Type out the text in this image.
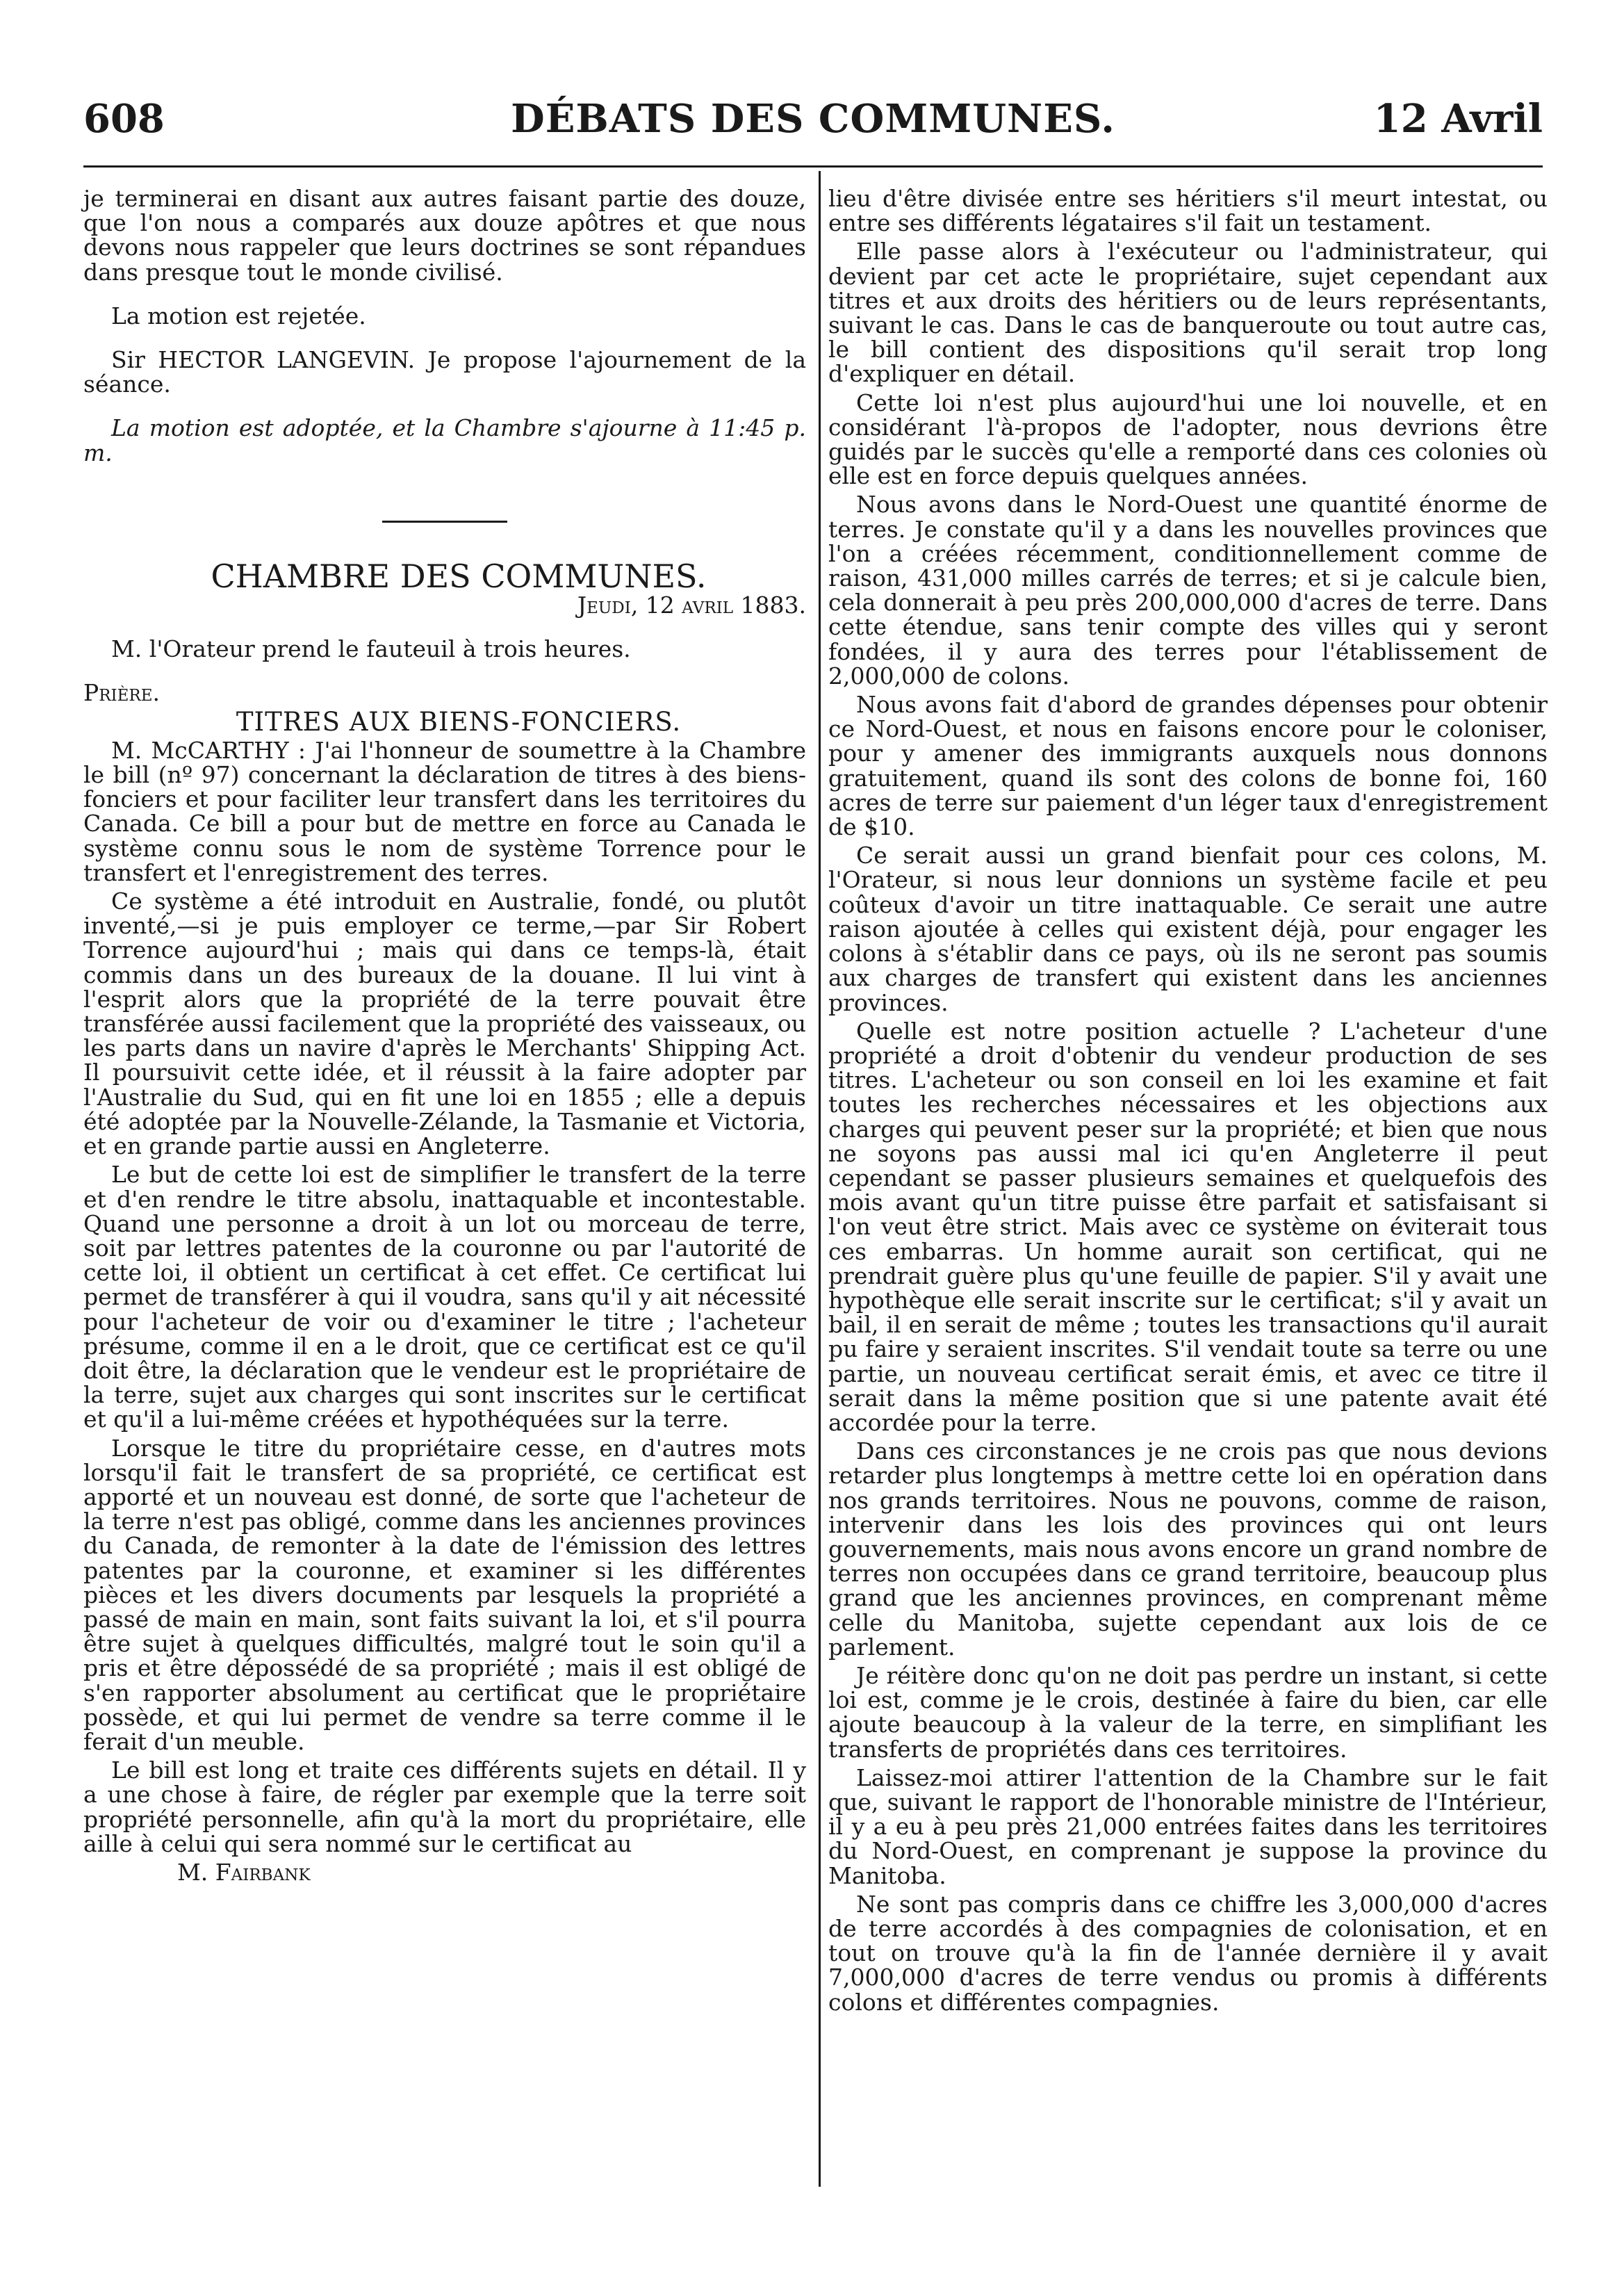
608	DÉBATS DES COMMUNES.	12 Avril

je terminerai en disant aux autres faisant partie des douze, que l'on nous a comparés aux douze apôtres et que nous devons nous rappeler que leurs doctrines se sont répandues dans presque tout le monde civilisé.

La motion est rejetée.

Sir HECTOR LANGEVIN. Je propose l'ajournement de la séance.

La motion est adoptée, et la Chambre s'ajourne à 11:45 p. m.

CHAMBRE DES COMMUNES.

Jeudi, 12 avril 1883.

M. l'Orateur prend le fauteuil à trois heures.

Prière.

TITRES AUX BIENS-FONCIERS.

M. McCARTHY : J'ai l'honneur de soumettre à la Chambre le bill (nº 97) concernant la déclaration de titres à des biens-fonciers et pour faciliter leur transfert dans les territoires du Canada. Ce bill a pour but de mettre en force au Canada le système connu sous le nom de système Torrence pour le transfert et l'enregistrement des terres.

Ce système a été introduit en Australie, fondé, ou plutôt inventé,—si je puis employer ce terme,—par Sir Robert Torrence aujourd'hui ; mais qui dans ce temps-là, était commis dans un des bureaux de la douane. Il lui vint à l'esprit alors que la propriété de la terre pouvait être transférée aussi facilement que la propriété des vaisseaux, ou les parts dans un navire d'après le Merchants' Shipping Act. Il poursuivit cette idée, et il réussit à la faire adopter par l'Australie du Sud, qui en fit une loi en 1855 ; elle a depuis été adoptée par la Nouvelle-Zélande, la Tasmanie et Victoria, et en grande partie aussi en Angleterre.

Le but de cette loi est de simplifier le transfert de la terre et d'en rendre le titre absolu, inattaquable et incontestable. Quand une personne a droit à un lot ou morceau de terre, soit par lettres patentes de la couronne ou par l'autorité de cette loi, il obtient un certificat à cet effet. Ce certificat lui permet de transférer à qui il voudra, sans qu'il y ait nécessité pour l'acheteur de voir ou d'examiner le titre ; l'acheteur présume, comme il en a le droit, que ce certificat est ce qu'il doit être, la déclaration que le vendeur est le propriétaire de la terre, sujet aux charges qui sont inscrites sur le certificat et qu'il a lui-même créées et hypothéquées sur la terre.

Lorsque le titre du propriétaire cesse, en d'autres mots lorsqu'il fait le transfert de sa propriété, ce certificat est apporté et un nouveau est donné, de sorte que l'acheteur de la terre n'est pas obligé, comme dans les anciennes provinces du Canada, de remonter à la date de l'émission des lettres patentes par la couronne, et examiner si les différentes pièces et les divers documents par lesquels la propriété a passé de main en main, sont faits suivant la loi, et s'il pourra être sujet à quelques difficultés, malgré tout le soin qu'il a pris et être dépossédé de sa propriété ; mais il est obligé de s'en rapporter absolument au certificat que le propriétaire possède, et qui lui permet de vendre sa terre comme il le ferait d'un meuble.

Le bill est long et traite ces différents sujets en détail. Il y a une chose à faire, de régler par exemple que la terre soit propriété personnelle, afin qu'à la mort du propriétaire, elle aille à celui qui sera nommé sur le certificat au

M. Fairbank

lieu d'être divisée entre ses héritiers s'il meurt intestat, ou entre ses différents légataires s'il fait un testament.

Elle passe alors à l'exécuteur ou l'administrateur, qui devient par cet acte le propriétaire, sujet cependant aux titres et aux droits des héritiers ou de leurs représentants, suivant le cas. Dans le cas de banqueroute ou tout autre cas, le bill contient des dispositions qu'il serait trop long d'expliquer en détail.

Cette loi n'est plus aujourd'hui une loi nouvelle, et en considérant l'à-propos de l'adopter, nous devrions être guidés par le succès qu'elle a remporté dans ces colonies où elle est en force depuis quelques années.

Nous avons dans le Nord-Ouest une quantité énorme de terres. Je constate qu'il y a dans les nouvelles provinces que l'on a créées récemment, conditionnellement comme de raison, 431,000 milles carrés de terres; et si je calcule bien, cela donnerait à peu près 200,000,000 d'acres de terre. Dans cette étendue, sans tenir compte des villes qui y seront fondées, il y aura des terres pour l'établissement de 2,000,000 de colons.

Nous avons fait d'abord de grandes dépenses pour obtenir ce Nord-Ouest, et nous en faisons encore pour le coloniser, pour y amener des immigrants auxquels nous donnons gratuitement, quand ils sont des colons de bonne foi, 160 acres de terre sur paiement d'un léger taux d'enregistrement de $10.

Ce serait aussi un grand bienfait pour ces colons, M. l'Orateur, si nous leur donnions un système facile et peu coûteux d'avoir un titre inattaquable. Ce serait une autre raison ajoutée à celles qui existent déjà, pour engager les colons à s'établir dans ce pays, où ils ne seront pas soumis aux charges de transfert qui existent dans les anciennes provinces.

Quelle est notre position actuelle ? L'acheteur d'une propriété a droit d'obtenir du vendeur production de ses titres. L'acheteur ou son conseil en loi les examine et fait toutes les recherches nécessaires et les objections aux charges qui peuvent peser sur la propriété; et bien que nous ne soyons pas aussi mal ici qu'en Angleterre il peut cependant se passer plusieurs semaines et quelquefois des mois avant qu'un titre puisse être parfait et satisfaisant si l'on veut être strict. Mais avec ce système on éviterait tous ces embarras. Un homme aurait son certificat, qui ne prendrait guère plus qu'une feuille de papier. S'il y avait une hypothèque elle serait inscrite sur le certificat; s'il y avait un bail, il en serait de même ; toutes les transactions qu'il aurait pu faire y seraient inscrites. S'il vendait toute sa terre ou une partie, un nouveau certificat serait émis, et avec ce titre il serait dans la même position que si une patente avait été accordée pour la terre.

Dans ces circonstances je ne crois pas que nous devions retarder plus longtemps à mettre cette loi en opération dans nos grands territoires. Nous ne pouvons, comme de raison, intervenir dans les lois des provinces qui ont leurs gouvernements, mais nous avons encore un grand nombre de terres non occupées dans ce grand territoire, beaucoup plus grand que les anciennes provinces, en comprenant même celle du Manitoba, sujette cependant aux lois de ce parlement.

Je réitère donc qu'on ne doit pas perdre un instant, si cette loi est, comme je le crois, destinée à faire du bien, car elle ajoute beaucoup à la valeur de la terre, en simplifiant les transferts de propriétés dans ces territoires.

Laissez-moi attirer l'attention de la Chambre sur le fait que, suivant le rapport de l'honorable ministre de l'Intérieur, il y a eu à peu près 21,000 entrées faites dans les territoires du Nord-Ouest, en comprenant je suppose la province du Manitoba.

Ne sont pas compris dans ce chiffre les 3,000,000 d'acres de terre accordés à des compagnies de colonisation, et en tout on trouve qu'à la fin de l'année dernière il y avait 7,000,000 d'acres de terre vendus ou promis à différents colons et différentes compagnies.
